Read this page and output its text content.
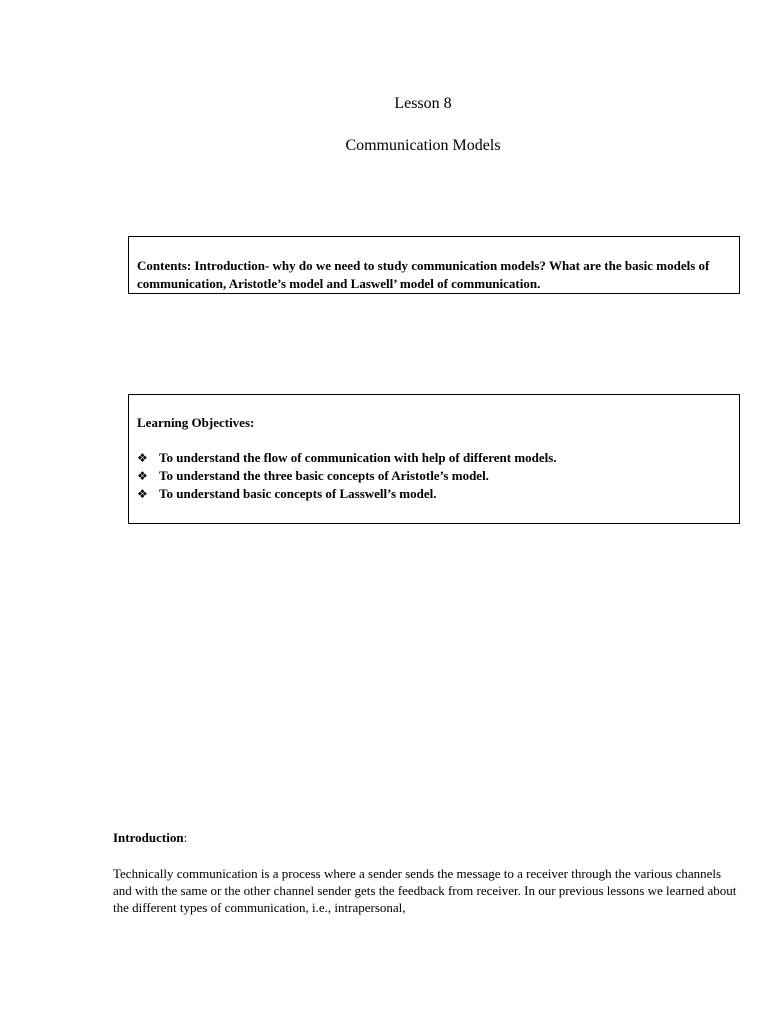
Lesson 8
Communication Models
Contents: Introduction- why do we need to study communication models? What are the basic models of communication, Aristotle’s model and Laswell’ model of communication.

Learning Objectives:

❖ To understand the flow of communication with help of different models.
❖ To understand the three basic concepts of Aristotle’s model.
❖ To understand basic concepts of Lasswell’s model.

Introduction:

Technically communication is a process where a sender sends the message to a receiver through the various channels and with the same or the other channel sender gets the feedback from receiver. In our previous lessons we learned about the different types of communication, i.e., intrapersonal,
